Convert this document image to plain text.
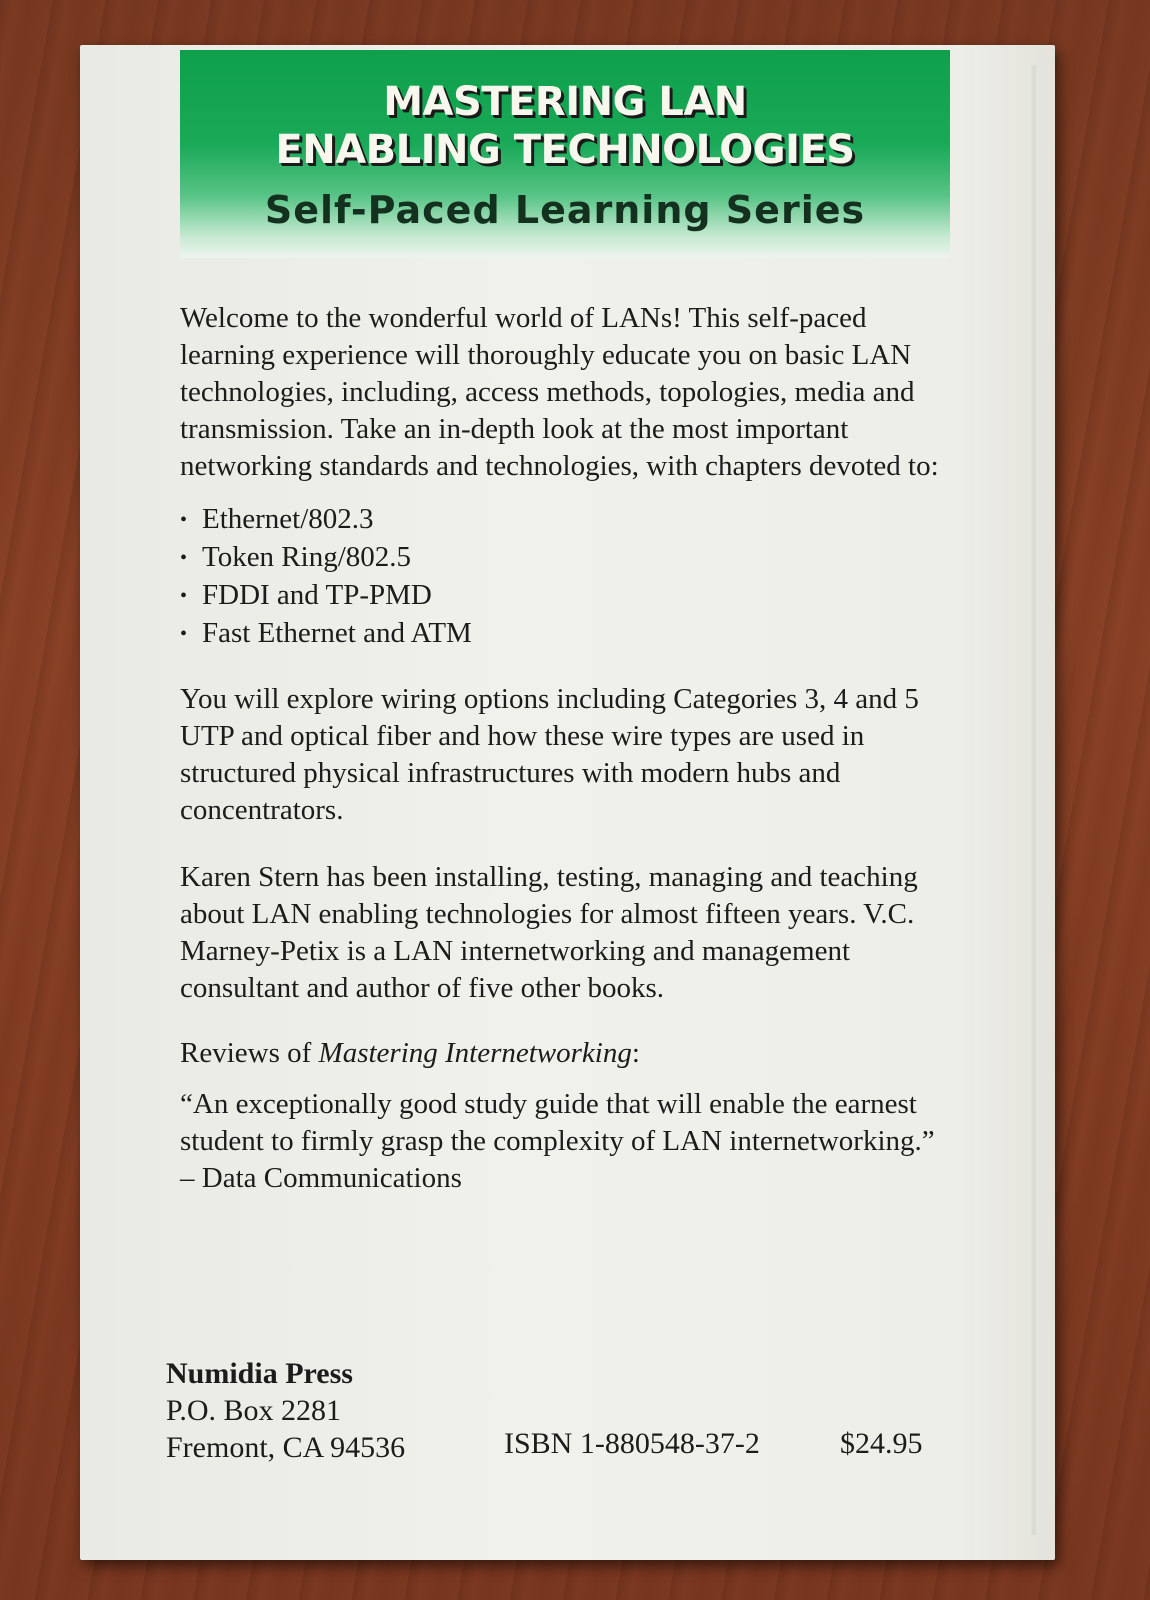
MASTERING LAN

ENABLING TECHNOLOGIES

Self-Paced Learning Series

Welcome to the wonderful world of LANs! This self-paced learning experience will thoroughly educate you on basic LAN technologies, including, access methods, topologies, media and transmission. Take an in-depth look at the most important networking standards and technologies, with chapters devoted to:

• Ethernet/802.3
• Token Ring/802.5
• FDDI and TP-PMD
• Fast Ethernet and ATM

You will explore wiring options including Categories 3, 4 and 5 UTP and optical fiber and how these wire types are used in structured physical infrastructures with modern hubs and concentrators.

Karen Stern has been installing, testing, managing and teaching about LAN enabling technologies for almost fifteen years. V.C. Marney-Petix is a LAN internetworking and management consultant and author of five other books.

Reviews of Mastering Internetworking:

“An exceptionally good study guide that will enable the earnest student to firmly grasp the complexity of LAN internetworking.”

– Data Communications

Numidia Press
P.O. Box 2281
Fremont, CA 94536	ISBN 1-880548-37-2	$24.95
